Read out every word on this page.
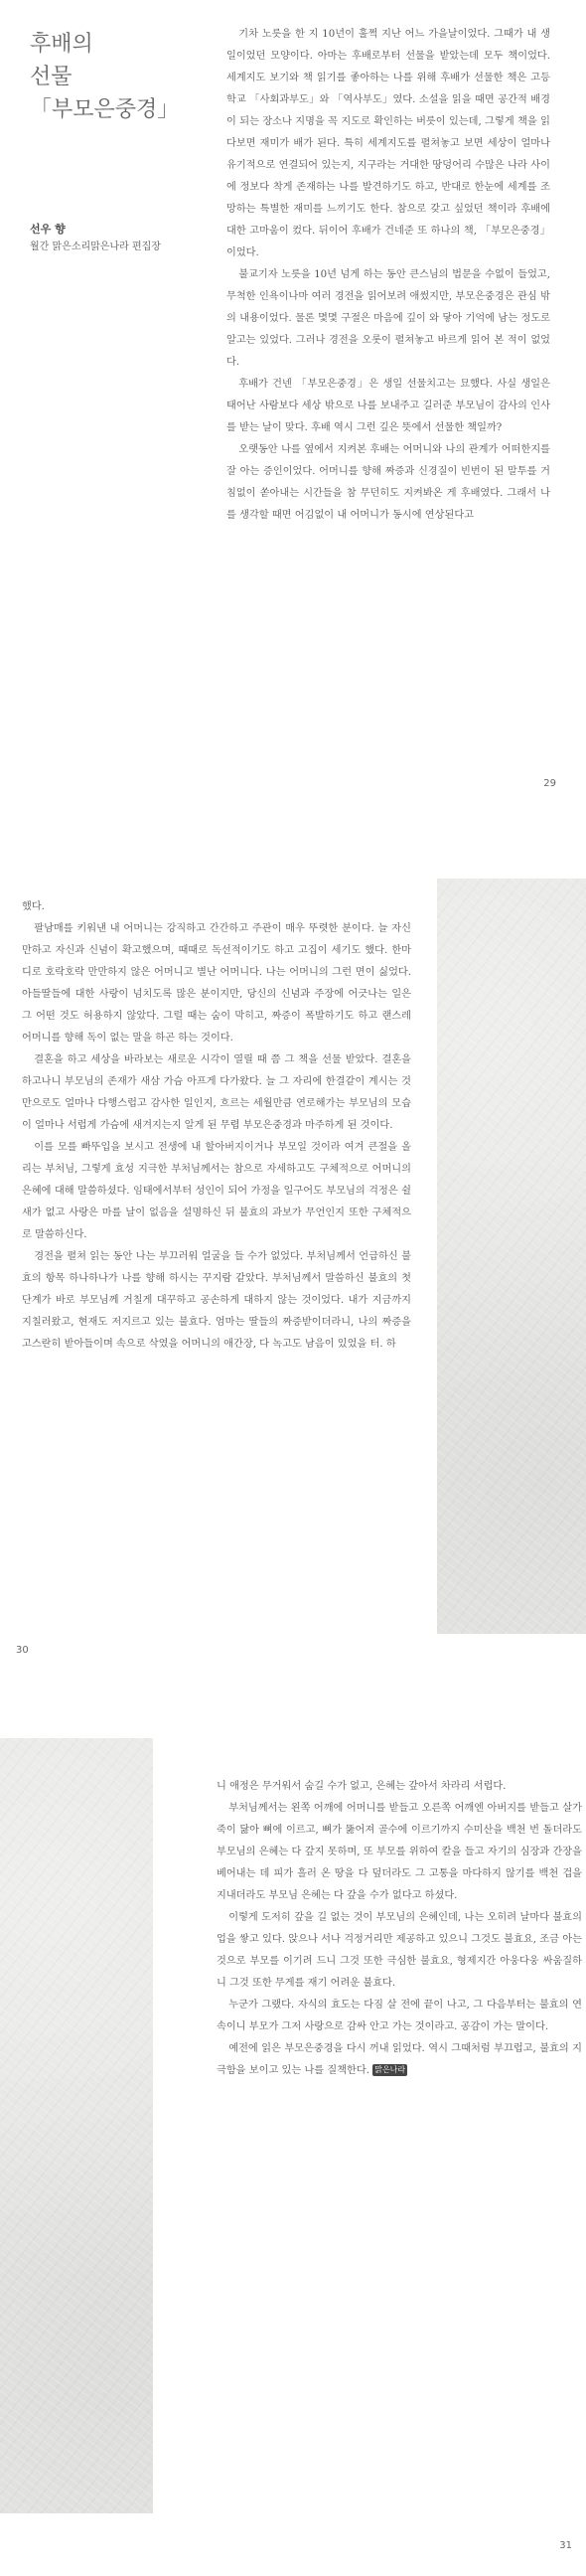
후배의
선물
「부모은중경」
선우 향
월간 맑은소리맑은나라 편집장

기차 노릇을 한 지 10년이 훌쩍 지난 어느 가을날이었다. 그때가 내 생일이었던 모양이다. 아마는 후배로부터 선물을 받았는데 모두 책이었다. 세계지도 보기와 책 읽기를 좋아하는 나를 위해 후배가 선물한 책은 고등학교 「사회과부도」와 「역사부도」였다. 소설을 읽을 때면 공간적 배경이 되는 장소나 지명을 꼭 지도로 확인하는 버릇이 있는데, 그렇게 책을 읽다보면 재미가 배가 된다. 특히 세계지도를 펼쳐놓고 보면 세상이 얼마나 유기적으로 연결되어 있는지, 지구라는 거대한 땅덩어리 수많은 나라 사이에 정보다 착게 존재하는 나를 발견하기도 하고, 반대로 한눈에 세계를 조망하는 특별한 재미를 느끼기도 한다. 참으로 갖고 싶었던 책이라 후배에 대한 고마움이 컸다. 뒤이어 후배가 건네준 또 하나의 책, 「부모은중경」이었다.

불교기자 노릇을 10년 넘게 하는 동안 큰스님의 법문을 수없이 들었고, 무척한 인욕이나마 여러 경전을 읽어보려 애썼지만, 부모은중경은 관심 밖의 내용이었다. 물론 몇몇 구절은 마음에 깊이 와 닿아 기억에 남는 정도로 알고는 있었다. 그러나 경전을 오롯이 펼쳐놓고 바르게 읽어 본 적이 없었다.

후배가 건넨 「부모은중경」은 생일 선물치고는 묘했다. 사실 생일은 태어난 사람보다 세상 밖으로 나를 보내주고 길러준 부모님이 감사의 인사를 받는 날이 맞다. 후배 역시 그런 깊은 뜻에서 선물한 책일까?

오랫동안 나를 옆에서 지켜본 후배는 어머니와 나의 관계가 어떠한지를 잘 아는 증인이었다. 어머니를 향해 짜증과 신경질이 빈번이 된 말투를 거침없이 쏟아내는 시간들을 참 무던히도 지켜봐온 게 후배였다. 그래서 나를 생각할 때면 어김없이 내 어머니가 동시에 연상된다고

29

했다.

팔남매를 키워낸 내 어머니는 강직하고 간간하고 주관이 매우 뚜렷한 분이다. 늘 자신만하고 자신과 신념이 확고했으며, 때때로 독선적이기도 하고 고집이 세기도 했다. 한마디로 호락호락 만만하지 않은 어머니고 별난 어머니다. 나는 어머니의 그런 면이 싫었다. 아들딸들에 대한 사랑이 넘치도록 많은 분이지만, 당신의 신념과 주장에 어긋나는 일은 그 어떤 것도 허용하지 않았다. 그럴 때는 숨이 막히고, 짜증이 폭발하기도 하고 랜스레 어머니를 향해 독이 없는 말을 하곤 하는 것이다.

결혼을 하고 세상을 바라보는 새로운 시각이 열릴 때 쯤 그 책을 선물 받았다. 결혼을 하고나니 부모님의 존재가 새삼 가슴 아프게 다가왔다. 늘 그 자리에 한결같이 계시는 것만으로도 얼마나 다행스럽고 감사한 일인지, 흐르는 세월만큼 연로해가는 부모님의 모습이 얼마나 서럽게 가슴에 새겨지는지 알게 된 무렵 부모은중경과 마주하게 된 것이다.

이를 모를 빠뚜입을 보시고 전생에 내 할아버지이거나 부모일 것이라 여겨 큰절을 올리는 부처님, 그렇게 효성 지극한 부처님께서는 참으로 자세하고도 구체적으로 어머니의 은혜에 대해 말씀하셨다. 임태에서부터 성인이 되어 가정을 일구어도 부모님의 걱정은 쉴 새가 없고 사랑은 마를 날이 없음을 설명하신 뒤 불효의 과보가 무언인지 또한 구체적으로 말씀하신다.

경전을 펼쳐 읽는 동안 나는 부끄러워 얼굴을 들 수가 없었다. 부처님께서 언급하신 불효의 항목 하나하나가 나를 향해 하시는 꾸지람 같았다. 부처님께서 말씀하신 불효의 첫 단계가 바로 부모님께 거칠게 대꾸하고 공손하게 대하지 않는 것이었다. 내가 지금까지 지칠러왔고, 현재도 저지르고 있는 불효다. 엄마는 딸들의 짜증받이더라니, 나의 짜증을 고스란히 받아들이며 속으로 삭였을 어머니의 애간장, 다 녹고도 남음이 있었을 터. 하

30

니 애정은 무거워서 숨길 수가 없고, 은혜는 갚아서 차라리 서럽다.

부처님께서는 왼쪽 어깨에 어머니를 받들고 오른쪽 어깨엔 아버지를 받들고 살가죽이 닳아 뼈에 이르고, 뼈가 뚫어져 골수에 이르기까지 수미산을 백천 번 돌더라도 부모님의 은혜는 다 갚지 못하며, 또 부모를 위하여 칼을 들고 자기의 심장과 간장을 베어내는 데 피가 흘러 온 땅을 다 덮더라도 그 고통을 마다하지 않기를 백천 겁을 지내더라도 부모님 은혜는 다 갚을 수가 없다고 하셨다.

이렇게 도저히 갚을 길 없는 것이 부모님의 은혜인데, 나는 오히려 날마다 불효의 업을 쌓고 있다. 앉으나 서나 걱정거리만 제공하고 있으니 그것도 불효요, 조금 아는 것으로 부모를 이기려 드니 그것 또한 극심한 불효요, 형제지간 아웅다웅 싸움질하니 그것 또한 무게를 재기 어려운 불효다.

누군가 그랬다. 자식의 효도는 다짐 살 전에 끝이 나고, 그 다음부터는 불효의 연속이니 부모가 그저 사랑으로 감싸 안고 가는 것이라고. 공감이 가는 말이다.

예전에 읽은 부모은중경을 다시 꺼내 읽었다. 역시 그때처럼 부끄럽고, 불효의 지극함을 보이고 있는 나를 질책한다. 맑은나라

31
